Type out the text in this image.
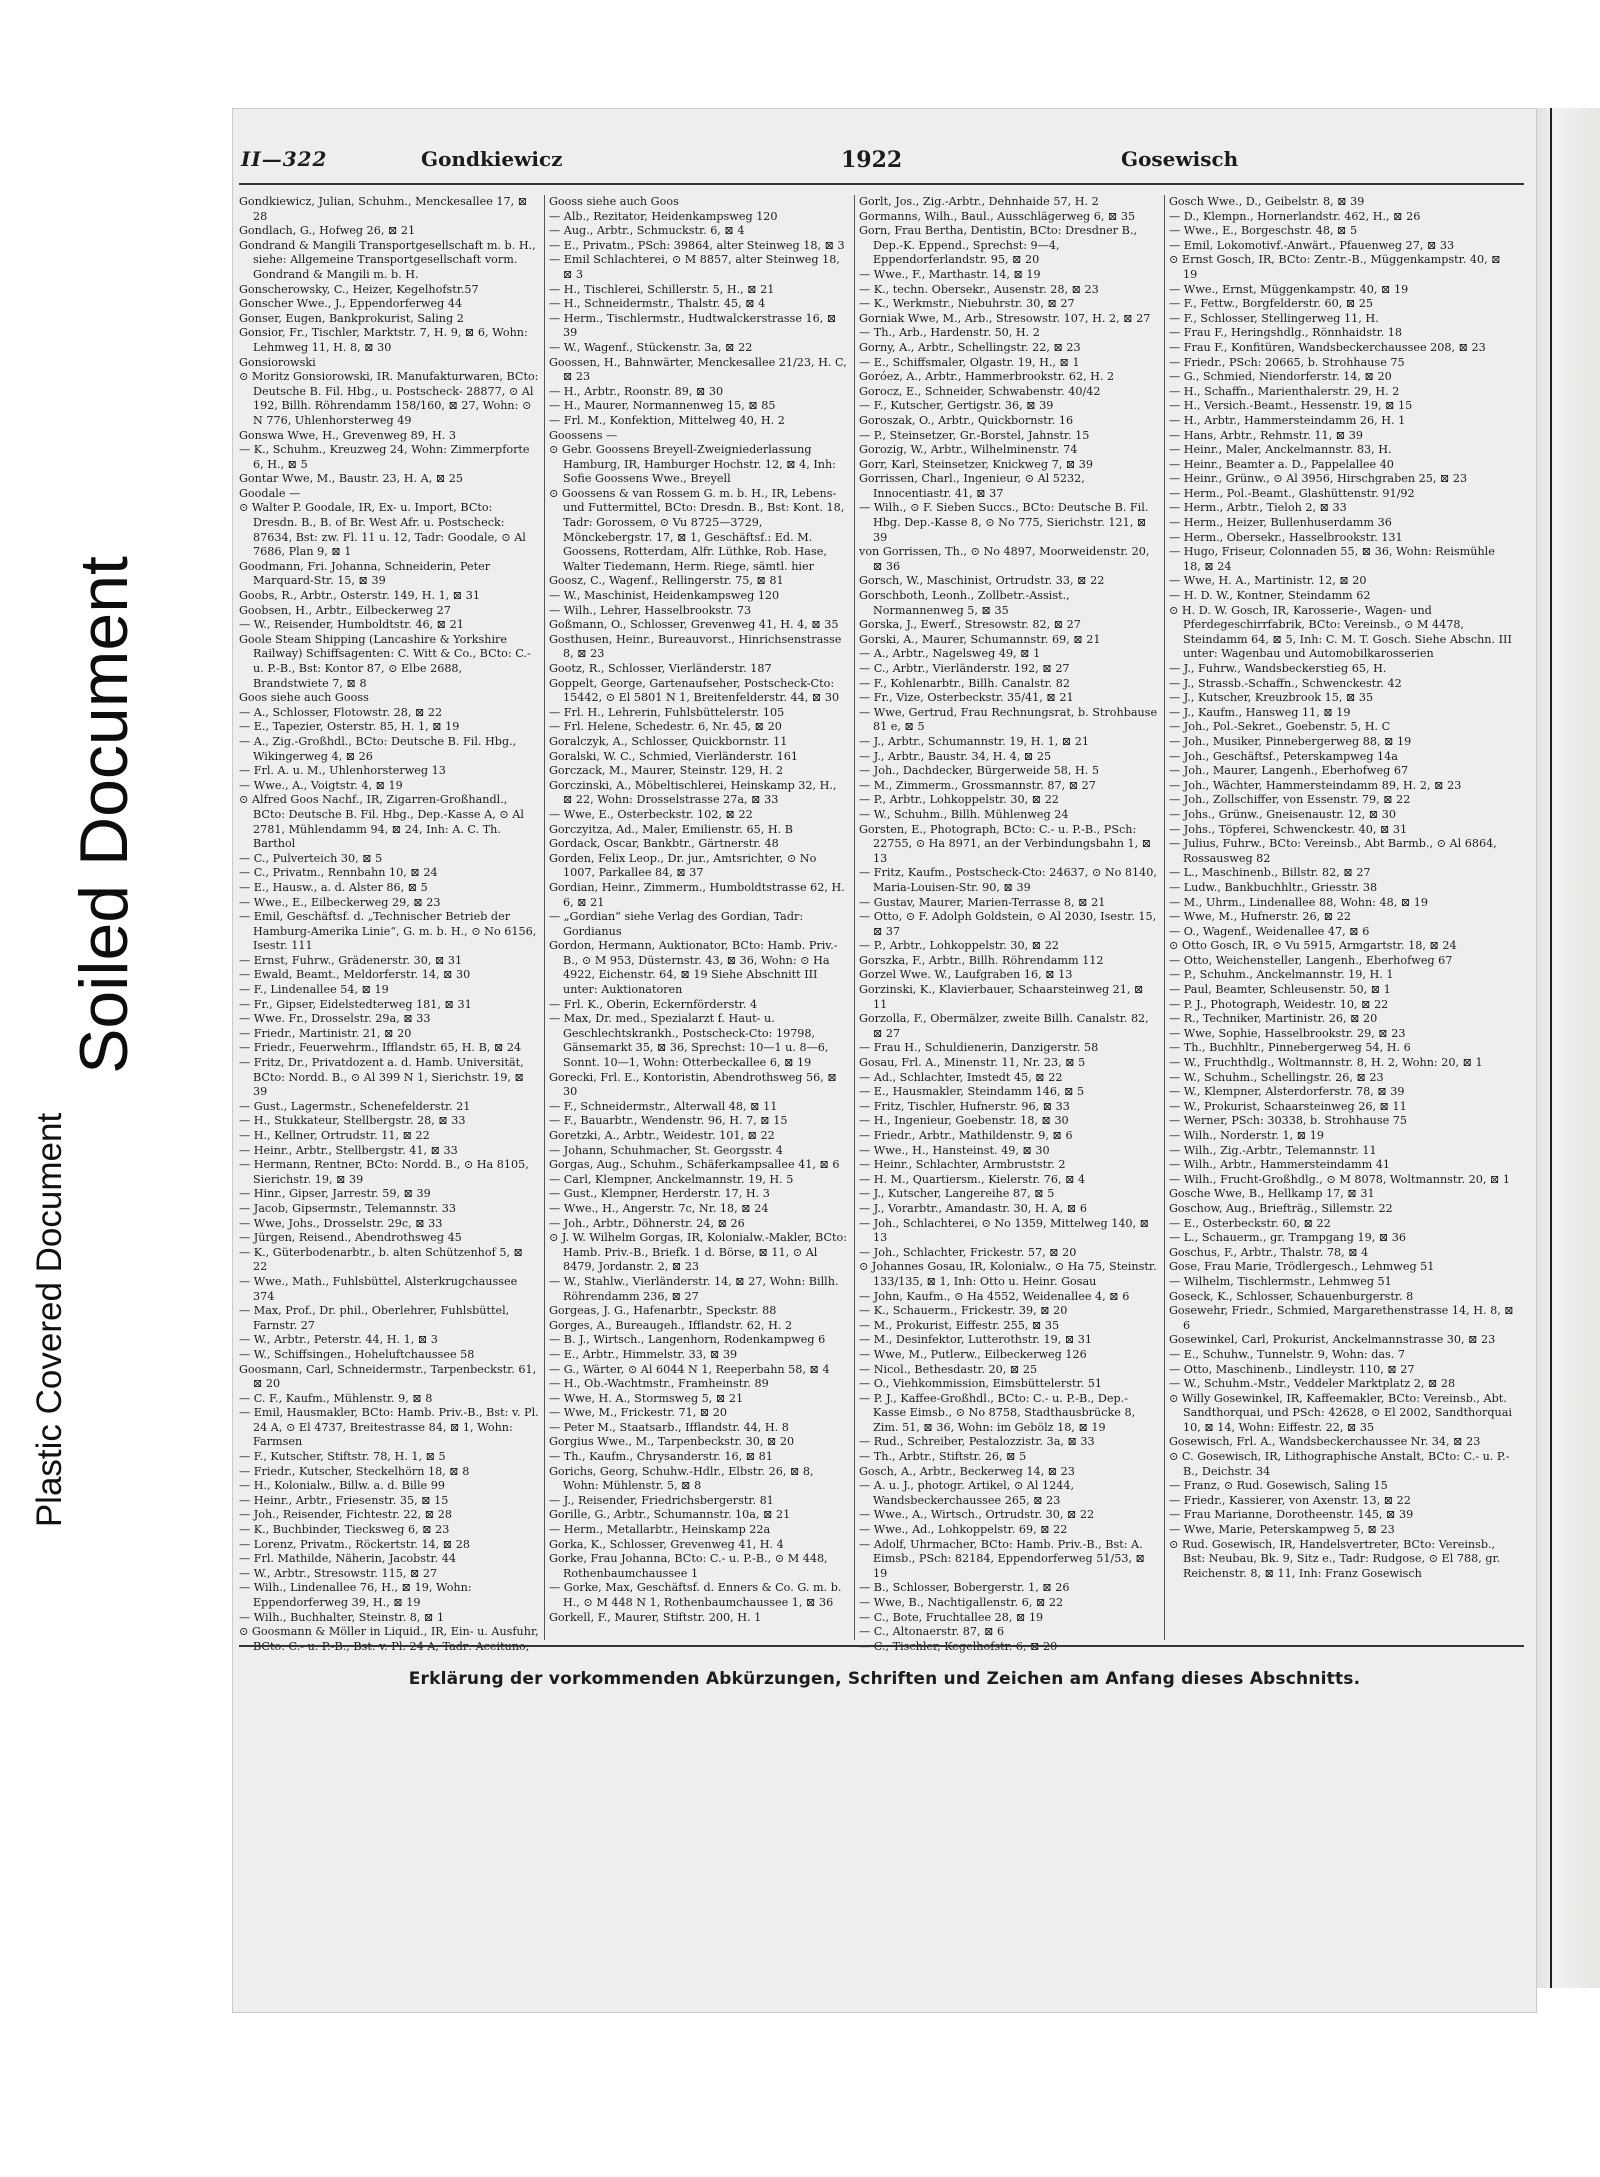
Plastic Covered Document
Soiled Document
II—322	Gondkiewicz	1922	Gosewisch

Gondkiewicz, Julian, Schuhm., Menckesallee 17, ⊠ 28

Gondlach, G., Hofweg 26, ⊠ 21

Gondrand & Mangili Transportgesellschaft m. b. H., siehe: Allgemeine Transportgesellschaft vorm. Gondrand & Mangili m. b. H.

Gonscherowsky, C., Heizer, Kegelhofstr.57

Gonscher Wwe., J., Eppendorferweg 44

Gonser, Eugen, Bankprokurist, Saling 2

Gonsior, Fr., Tischler, Marktstr. 7, H. 9, ⊠ 6, Wohn: Lehmweg 11, H. 8, ⊠ 30

Gonsiorowski

⊙ Moritz Gonsiorowski, IR. Manufakturwaren, BCto: Deutsche B. Fil. Hbg., u. Postscheck- 28877, ⊙ Al 192, Billh. Röhrendamm 158/160, ⊠ 27, Wohn: ⊙ N 776, Uhlenhorsterweg 49

Gonswa Wwe, H., Grevenweg 89, H. 3

— K., Schuhm., Kreuzweg 24, Wohn: Zimmerpforte 6, H., ⊠ 5

Gontar Wwe, M., Baustr. 23, H. A, ⊠ 25

Goodale —

⊙ Walter P. Goodale, IR, Ex- u. Import, BCto: Dresdn. B., B. of Br. West Afr. u. Postscheck: 87634, Bst: zw. Fl. 11 u. 12, Tadr: Goodale, ⊙ Al 7686, Plan 9, ⊠ 1

Goodmann, Fri. Johanna, Schneiderin, Peter Marquard-Str. 15, ⊠ 39

Goobs, R., Arbtr., Osterstr. 149, H. 1, ⊠ 31

Goobsen, H., Arbtr., Eilbeckerweg 27

— W., Reisender, Humboldtstr. 46, ⊠ 21

Goole Steam Shipping (Lancashire & Yorkshire Railway) Schiffsagenten: C. Witt & Co., BCto: C.- u. P.-B., Bst: Kontor 87, ⊙ Elbe 2688, Brandstwiete 7, ⊠ 8

Goos siehe auch Gooss

— A., Schlosser, Flotowstr. 28, ⊠ 22

— E., Tapezier, Osterstr. 85, H. 1, ⊠ 19

— A., Zig.-Großhdl., BCto: Deutsche B. Fil. Hbg., Wikingerweg 4, ⊠ 26

— Frl. A. u. M., Uhlenhorsterweg 13

— Wwe., A., Voigtstr. 4, ⊠ 19

⊙ Alfred Goos Nachf., IR, Zigarren-Großhandl., BCto: Deutsche B. Fil. Hbg., Dep.-Kasse A, ⊙ Al 2781, Mühlendamm 94, ⊠ 24, Inh: A. C. Th. Barthol

— C., Pulverteich 30, ⊠ 5

— C., Privatm., Rennbahn 10, ⊠ 24

— E., Hausw., a. d. Alster 86, ⊠ 5

— Wwe., E., Eilbeckerweg 29, ⊠ 23

— Emil, Geschäftsf. d. „Technischer Betrieb der Hamburg-Amerika Linie“, G. m. b. H., ⊙ No 6156, Isestr. 111

— Ernst, Fuhrw., Grädenerstr. 30, ⊠ 31

— Ewald, Beamt., Meldorferstr. 14, ⊠ 30

— F., Lindenallee 54, ⊠ 19

— Fr., Gipser, Eidelstedterweg 181, ⊠ 31

— Wwe. Fr., Drosselstr. 29a, ⊠ 33

— Friedr., Martinistr. 21, ⊠ 20

— Friedr., Feuerwehrm., Ifflandstr. 65, H. B, ⊠ 24

— Fritz, Dr., Privatdozent a. d. Hamb. Universität, BCto: Nordd. B., ⊙ Al 399 N 1, Sierichstr. 19, ⊠ 39

— Gust., Lagermstr., Schenefelderstr. 21

— H., Stukkateur, Stellbergstr. 28, ⊠ 33

— H., Kellner, Ortrudstr. 11, ⊠ 22

— Heinr., Arbtr., Stellbergstr. 41, ⊠ 33

— Hermann, Rentner, BCto: Nordd. B., ⊙ Ha 8105, Sierichstr. 19, ⊠ 39

— Hinr., Gipser, Jarrestr. 59, ⊠ 39

— Jacob, Gipsermstr., Telemannstr. 33

— Wwe, Johs., Drosselstr. 29c, ⊠ 33

— Jürgen, Reisend., Abendrothsweg 45

— K., Güterbodenarbtr., b. alten Schützenhof 5, ⊠ 22

— Wwe., Math., Fuhlsbüttel, Alsterkrugchaussee 374

— Max, Prof., Dr. phil., Oberlehrer, Fuhlsbüttel, Farnstr. 27

— W., Arbtr., Peterstr. 44, H. 1, ⊠ 3

— W., Schiffsingen., Hoheluftchaussee 58

Goosmann, Carl, Schneidermstr., Tarpenbeckstr. 61, ⊠ 20

— C. F., Kaufm., Mühlenstr. 9, ⊠ 8

— Emil, Hausmakler, BCto: Hamb. Priv.-B., Bst: v. Pl. 24 A, ⊙ El 4737, Breitestrasse 84, ⊠ 1, Wohn: Farmsen

— F., Kutscher, Stiftstr. 78, H. 1, ⊠ 5

— Friedr., Kutscher, Steckelhörn 18, ⊠ 8

— H., Kolonialw., Billw. a. d. Bille 99

— Heinr., Arbtr., Friesenstr. 35, ⊠ 15

— Joh., Reisender, Fichtestr. 22, ⊠ 28

— K., Buchbinder, Tiecksweg 6, ⊠ 23

— Lorenz, Privatm., Röckertstr. 14, ⊠ 28

— Frl. Mathilde, Näherin, Jacobstr. 44

— W., Arbtr., Stresowstr. 115, ⊠ 27

— Wilh., Lindenallee 76, H., ⊠ 19, Wohn: Eppendorferweg 39, H., ⊠ 19

— Wilh., Buchhalter, Steinstr. 8, ⊠ 1

⊙ Goosmann & Möller in Liquid., IR, Ein- u. Ausfuhr,

Gooss siehe auch Goos

— Alb., Rezitator, Heidenkampsweg 120

— Aug., Arbtr., Schmuckstr. 6, ⊠ 4

— E., Privatm., PSch: 39864, alter Steinweg 18, ⊠ 3

— Emil Schlachterei, ⊙ M 8857, alter Steinweg 18, ⊠ 3

— H., Tischlerei, Schillerstr. 5, H., ⊠ 21

— H., Schneidermstr., Thalstr. 45, ⊠ 4

— Herm., Tischlermstr., Hudtwalckerstrasse 16, ⊠ 39

— W., Wagenf., Stückenstr. 3a, ⊠ 22

Goossen, H., Bahnwärter, Menckesallee 21/23, H. C, ⊠ 23

— H., Arbtr., Roonstr. 89, ⊠ 30

— H., Maurer, Normannenweg 15, ⊠ 85

— Frl. M., Konfektion, Mittelweg 40, H. 2

Goossens —

⊙ Gebr. Goossens Breyell-Zweigniederlassung Hamburg, IR, Hamburger Hochstr. 12, ⊠ 4, Inh: Sofie Goossens Wwe., Breyell

⊙ Goossens & van Rossem G. m. b. H., IR, Lebens- und Futtermittel, BCto: Dresdn. B., Bst: Kont. 18, Tadr: Gorossem, ⊙ Vu 8725—3729, Mönckebergstr. 17, ⊠ 1, Geschäftsf.: Ed. M. Goossens, Rotterdam, Alfr. Lüthke, Rob. Hase, Walter Tiedemann, Herm. Riege, sämtl. hier

Goosz, C., Wagenf., Rellingerstr. 75, ⊠ 81

— W., Maschinist, Heidenkampsweg 120

— Wilh., Lehrer, Hasselbrookstr. 73

Goßmann, O., Schlosser, Grevenweg 41, H. 4, ⊠ 35

Gosthusen, Heinr., Bureauvorst., Hinrichsenstrasse 8, ⊠ 23

Gootz, R., Schlosser, Vierländerstr. 187

Goppelt, George, Gartenaufseher, Postscheck-Cto: 15442, ⊙ El 5801 N 1, Breitenfelderstr. 44, ⊠ 30

— Frl. H., Lehrerin, Fuhlsbüttelerstr. 105

— Frl. Helene, Schedestr. 6, Nr. 45, ⊠ 20

Goralczyk, A., Schlosser, Quickbornstr. 11

Goralski, W. C., Schmied, Vierländerstr. 161

Gorczack, M., Maurer, Steinstr. 129, H. 2

Gorczinski, A., Möbeltischlerei, Heinskamp 32, H., ⊠ 22, Wohn: Drosselstrasse 27a, ⊠ 33

— Wwe, E., Osterbeckstr. 102, ⊠ 22

Gorczyitza, Ad., Maler, Emilienstr. 65, H. B

Gordack, Oscar, Bankbtr., Gärtnerstr. 48

Gorden, Felix Leop., Dr. jur., Amtsrichter, ⊙ No 1007, Parkallee 84, ⊠ 37

Gordian, Heinr., Zimmerm., Humboldtstrasse 62, H. 6, ⊠ 21

— „Gordian“ siehe Verlag des Gordian, Tadr: Gordianus

Gordon, Hermann, Auktionator, BCto: Hamb. Priv.-B., ⊙ M 953, Düsternstr. 43, ⊠ 36, Wohn: ⊙ Ha 4922, Eichenstr. 64, ⊠ 19 Siehe Abschnitt III unter: Auktionatoren

— Frl. K., Oberin, Eckernförderstr. 4

— Max, Dr. med., Spezialarzt f. Haut- u. Geschlechtskrankh., Postscheck-Cto: 19798, Gänsemarkt 35, ⊠ 36, Sprechst: 10—1 u. 8—6, Sonnt. 10—1, Wohn: Otterbeckallee 6, ⊠ 19

Gorecki, Frl. E., Kontoristin, Abendrothsweg 56, ⊠ 30

— F., Schneidermstr., Alterwall 48, ⊠ 11

— F., Bauarbtr., Wendenstr. 96, H. 7, ⊠ 15

Goretzki, A., Arbtr., Weidestr. 101, ⊠ 22

— Johann, Schuhmacher, St. Georgsstr. 4

Gorgas, Aug., Schuhm., Schäferkampsallee 41, ⊠ 6

— Carl, Klempner, Anckelmannstr. 19, H. 5

— Gust., Klempner, Herderstr. 17, H. 3

— Wwe., H., Angerstr. 7c, Nr. 18, ⊠ 24

— Joh., Arbtr., Döhnerstr. 24, ⊠ 26

⊙ J. W. Wilhelm Gorgas, IR, Kolonialw.-Makler, BCto: Hamb. Priv.-B., Briefk. 1 d. Börse, ⊠ 11, ⊙ Al 8479, Jordanstr. 2, ⊠ 23

— W., Stahlw., Vierländerstr. 14, ⊠ 27, Wohn: Billh. Röhrendamm 236, ⊠ 27

Gorgeas, J. G., Hafenarbtr., Speckstr. 88

Gorges, A., Bureaugeh., Ifflandstr. 62, H. 2

— B. J., Wirtsch., Langenhorn, Rodenkampweg 6

— E., Arbtr., Himmelstr. 33, ⊠ 39

— G., Wärter, ⊙ Al 6044 N 1, Reeperbahn 58, ⊠ 4

— H., Ob.-Wachtmstr., Framheinstr. 89

— Wwe, H. A., Stormsweg 5, ⊠ 21

— Wwe, M., Frickestr. 71, ⊠ 20

— Peter M., Staatsarb., Ifflandstr. 44, H. 8

Gorgius Wwe., M., Tarpenbeckstr. 30, ⊠ 20

— Th., Kaufm., Chrysanderstr. 16, ⊠ 81

Gorichs, Georg, Schuhw.-Hdlr., Elbstr. 26, ⊠ 8, Wohn: Mühlenstr. 5, ⊠ 8

— J., Reisender, Friedrichsbergerstr. 81

Gorille, G., Arbtr., Schumannstr. 10a, ⊠ 21

— Herm., Metallarbtr., Heinskamp 22a

Gorka, K., Schlosser, Grevenweg 41, H. 4

Gorke, Frau Johanna, BCto: C.- u. P.-B., ⊙ M 448, Rothenbaumchaussee 1

— Gorke, Max, Geschäftsf. d. Enners & Co. G. m. b. H., ⊙ M 448 N 1, Rothenbaumchaussee 1, ⊠ 36

Gorkell, F., Maurer, Stiftstr. 200, H. 1

Gorlt, Jos., Zig.-Arbtr., Dehnhaide 57, H. 2

Gormanns, Wilh., Baul., Ausschlägerweg 6, ⊠ 35

Gorn, Frau Bertha, Dentistin, BCto: Dresdner B., Dep.-K. Eppend., Sprechst: 9—4, Eppendorferlandstr. 95, ⊠ 20

— Wwe., F., Marthastr. 14, ⊠ 19

— K., techn. Obersekr., Ausenstr. 28, ⊠ 23

— K., Werkmstr., Niebuhrstr. 30, ⊠ 27

Gorniak Wwe, M., Arb., Stresowstr. 107, H. 2, ⊠ 27

— Th., Arb., Hardenstr. 50, H. 2

Gorny, A., Arbtr., Schellingstr. 22, ⊠ 23

— E., Schiffsmaler, Olgastr. 19, H., ⊠ 1

Goróez, A., Arbtr., Hammerbrookstr. 62, H. 2

Gorocz, E., Schneider, Schwabenstr. 40/42

— F., Kutscher, Gertigstr. 36, ⊠ 39

Goroszak, O., Arbtr., Quickbornstr. 16

— P., Steinsetzer, Gr.-Borstel, Jahnstr. 15

Gorozig, W., Arbtr., Wilhelminenstr. 74

Gorr, Karl, Steinsetzer, Knickweg 7, ⊠ 39

Gorrissen, Charl., Ingenieur, ⊙ Al 5232, Innocentiastr. 41, ⊠ 37

— Wilh., ⊙ F. Sieben Succs., BCto: Deutsche B. Fil. Hbg. Dep.-Kasse 8, ⊙ No 775, Sierichstr. 121, ⊠ 39

von Gorrissen, Th., ⊙ No 4897, Moorweidenstr. 20, ⊠ 36

Gorsch, W., Maschinist, Ortrudstr. 33, ⊠ 22

Gorschboth, Leonh., Zollbetr.-Assist., Normannenweg 5, ⊠ 35

Gorska, J., Ewerf., Stresowstr. 82, ⊠ 27

Gorski, A., Maurer, Schumannstr. 69, ⊠ 21

— A., Arbtr., Nagelsweg 49, ⊠ 1

— C., Arbtr., Vierländerstr. 192, ⊠ 27

— F., Kohlenarbtr., Billh. Canalstr. 82

— Fr., Vize, Osterbeckstr. 35/41, ⊠ 21

— Wwe, Gertrud, Frau Rechnungsrat, b. Strohbause 81 e, ⊠ 5

— J., Arbtr., Schumannstr. 19, H. 1, ⊠ 21

— J., Arbtr., Baustr. 34, H. 4, ⊠ 25

— Joh., Dachdecker, Bürgerweide 58, H. 5

— M., Zimmerm., Grossmannstr. 87, ⊠ 27

— P., Arbtr., Lohkoppelstr. 30, ⊠ 22

— W., Schuhm., Billh. Mühlenweg 24

Gorsten, E., Photograph, BCto: C.- u. P.-B., PSch: 22755, ⊙ Ha 8971, an der Verbindungsbahn 1, ⊠ 13

— Fritz, Kaufm., Postscheck-Cto: 24637, ⊙ No 8140, Maria-Louisen-Str. 90, ⊠ 39

— Gustav, Maurer, Marien-Terrasse 8, ⊠ 21

— Otto, ⊙ F. Adolph Goldstein, ⊙ Al 2030, Isestr. 15, ⊠ 37

— P., Arbtr., Lohkoppelstr. 30, ⊠ 22

Gorszka, F., Arbtr., Billh. Röhrendamm 112

Gorzel Wwe. W., Laufgraben 16, ⊠ 13

Gorzinski, K., Klavierbauer, Schaarsteinweg 21, ⊠ 11

Gorzolla, F., Obermälzer, zweite Billh. Canalstr. 82, ⊠ 27

— Frau H., Schuldienerin, Danzigerstr. 58

Gosau, Frl. A., Minenstr. 11, Nr. 23, ⊠ 5

— Ad., Schlachter, Imstedt 45, ⊠ 22

— E., Hausmakler, Steindamm 146, ⊠ 5

— Fritz, Tischler, Hufnerstr. 96, ⊠ 33

— H., Ingenieur, Goebenstr. 18, ⊠ 30

— Friedr., Arbtr., Mathildenstr. 9, ⊠ 6

— Wwe., H., Hansteinst. 49, ⊠ 30

— Heinr., Schlachter, Armbruststr. 2

— H. M., Quartiersm., Kielerstr. 76, ⊠ 4

— J., Kutscher, Langereihe 87, ⊠ 5

— J., Vorarbtr., Amandastr. 30, H. A, ⊠ 6

— Joh., Schlachterei, ⊙ No 1359, Mittelweg 140, ⊠ 13

— Joh., Schlachter, Frickestr. 57, ⊠ 20

⊙ Johannes Gosau, IR, Kolonialw., ⊙ Ha 75, Steinstr. 133/135, ⊠ 1, Inh: Otto u. Heinr. Gosau

— John, Kaufm., ⊙ Ha 4552, Weidenallee 4, ⊠ 6

— K., Schauerm., Frickestr. 39, ⊠ 20

— M., Prokurist, Eiffestr. 255, ⊠ 35

— M., Desinfektor, Lutterothstr. 19, ⊠ 31

— Wwe, M., Putlerw., Eilbeckerweg 126

— Nicol., Bethesdastr. 20, ⊠ 25

— O., Viehkommission, Eimsbüttelerstr. 51

— P. J., Kaffee-Großhdl., BCto: C.- u. P.-B., Dep.-Kasse Eimsb., ⊙ No 8758, Stadthausbrücke 8, Zim. 51, ⊠ 36, Wohn: im Gebölz 18, ⊠ 19

— Rud., Schreiber, Pestalozzistr. 3a, ⊠ 33

— Th., Arbtr., Stiftstr. 26, ⊠ 5

Gosch, A., Arbtr., Beckerweg 14, ⊠ 23

— A. u. J., photogr. Artikel, ⊙ Al 1244, Wandsbeckerchaussee 265, ⊠ 23

— Wwe., A., Wirtsch., Ortrudstr. 30, ⊠ 22

— Wwe., Ad., Lohkoppelstr. 69, ⊠ 22

— Adolf, Uhrmacher, BCto: Hamb. Priv.-B., Bst: A. Eimsb., PSch: 82184, Eppendorferweg 51/53, ⊠ 19

— B., Schlosser, Bobergerstr. 1, ⊠ 26

— Wwe, B., Nachtigallenstr. 6, ⊠ 22

— C., Bote, Fruchtallee 28, ⊠ 19

— C., Altonaerstr. 87, ⊠ 6

Gosch Wwe., D., Geibelstr. 8, ⊠ 39

— D., Klempn., Hornerlandstr. 462, H., ⊠ 26

— Wwe., E., Borgeschstr. 48, ⊠ 5

— Emil, Lokomotivf.-Anwärt., Pfauenweg 27, ⊠ 33

⊙ Ernst Gosch, IR, BCto: Zentr.-B., Müggenkampstr. 40, ⊠ 19

— Wwe., Ernst, Müggenkampstr. 40, ⊠ 19

— F., Fettw., Borgfelderstr. 60, ⊠ 25

— F., Schlosser, Stellingerweg 11, H.

— Frau F., Heringshdlg., Rönnhaidstr. 18

— Frau F., Konfitüren, Wandsbeckerchaussee 208, ⊠ 23

— Friedr., PSch: 20665, b. Strohhause 75

— G., Schmied, Niendorferstr. 14, ⊠ 20

— H., Schaffn., Marienthalerstr. 29, H. 2

— H., Versich.-Beamt., Hessenstr. 19, ⊠ 15

— H., Arbtr., Hammersteindamm 26, H. 1

— Hans, Arbtr., Rehmstr. 11, ⊠ 39

— Heinr., Maler, Anckelmannstr. 83, H.

— Heinr., Beamter a. D., Pappelallee 40

— Heinr., Grünw., ⊙ Al 3956, Hirschgraben 25, ⊠ 23

— Herm., Pol.-Beamt., Glashüttenstr. 91/92

— Herm., Arbtr., Tieloh 2, ⊠ 33

— Herm., Heizer, Bullenhuserdamm 36

— Herm., Obersekr., Hasselbrookstr. 131

— Hugo, Friseur, Colonnaden 55, ⊠ 36, Wohn: Reismühle 18, ⊠ 24

— Wwe, H. A., Martinistr. 12, ⊠ 20

— H. D. W., Kontner, Steindamm 62

⊙ H. D. W. Gosch, IR, Karosserie-, Wagen- und Pferdegeschirrfabrik, BCto: Vereinsb., ⊙ M 4478, Steindamm 64, ⊠ 5, Inh: C. M. T. Gosch. Siehe Abschn. III unter: Wagenbau und Automobilkarosserien

— J., Fuhrw., Wandsbeckerstieg 65, H.

— J., Strassb.-Schaffn., Schwenckestr. 42

— J., Kutscher, Kreuzbrook 15, ⊠ 35

— J., Kaufm., Hansweg 11, ⊠ 19

— Joh., Pol.-Sekret., Goebenstr. 5, H. C

— Joh., Musiker, Pinnebergerweg 88, ⊠ 19

— Joh., Geschäftsf., Peterskampweg 14a

— Joh., Maurer, Langenh., Eberhofweg 67

— Joh., Wächter, Hammersteindamm 89, H. 2, ⊠ 23

— Joh., Zollschiffer, von Essenstr. 79, ⊠ 22

— Johs., Grünw., Gneisenaustr. 12, ⊠ 30

— Johs., Töpferei, Schwenckestr. 40, ⊠ 31

— Julius, Fuhrw., BCto: Vereinsb., Abt Barmb., ⊙ Al 6864, Rossausweg 82

— L., Maschinenb., Billstr. 82, ⊠ 27

— Ludw., Bankbuchhltr., Griesstr. 38

— M., Uhrm., Lindenallee 88, Wohn: 48, ⊠ 19

— Wwe, M., Hufnerstr. 26, ⊠ 22

— O., Wagenf., Weidenallee 47, ⊠ 6

⊙ Otto Gosch, IR, ⊙ Vu 5915, Armgartstr. 18, ⊠ 24

— Otto, Weichensteller, Langenh., Eberhofweg 67

— P., Schuhm., Anckelmannstr. 19, H. 1

— Paul, Beamter, Schleusenstr. 50, ⊠ 1

— P. J., Photograph, Weidestr. 10, ⊠ 22

— R., Techniker, Martinistr. 26, ⊠ 20

— Wwe, Sophie, Hasselbrookstr. 29, ⊠ 23

— Th., Buchhltr., Pinnebergerweg 54, H. 6

— W., Fruchthdlg., Woltmannstr. 8, H. 2, Wohn: 20, ⊠ 1

— W., Schuhm., Schellingstr. 26, ⊠ 23

— W., Klempner, Alsterdorferstr. 78, ⊠ 39

— W., Prokurist, Schaarsteinweg 26, ⊠ 11

— Werner, PSch: 30338, b. Strohhause 75

— Wilh., Norderstr. 1, ⊠ 19

— Wilh., Zig.-Arbtr., Telemannstr. 11

— Wilh., Arbtr., Hammersteindamm 41

— Wilh., Frucht-Großhdlg., ⊙ M 8078, Woltmannstr. 20, ⊠ 1

Gosche Wwe, B., Hellkamp 17, ⊠ 31

Goschow, Aug., Briefträg., Sillemstr. 22

— E., Osterbeckstr. 60, ⊠ 22

— L., Schauerm., gr. Trampgang 19, ⊠ 36

Goschus, F., Arbtr., Thalstr. 78, ⊠ 4

Gose, Frau Marie, Trödlergesch., Lehmweg 51

— Wilhelm, Tischlermstr., Lehmweg 51

Goseck, K., Schlosser, Schauenburgerstr. 8

Gosewehr, Friedr., Schmied, Margarethenstrasse 14, H. 8, ⊠ 6

Gosewinkel, Carl, Prokurist, Anckelmannstrasse 30, ⊠ 23

— E., Schuhw., Tunnelstr. 9, Wohn: das. 7

— Otto, Maschinenb., Lindleystr. 110, ⊠ 27

— W., Schuhm.-Mstr., Veddeler Marktplatz 2, ⊠ 28

⊙ Willy Gosewinkel, IR, Kaffeemakler, BCto: Vereinsb., Abt. Sandthorquai, und PSch: 42628, ⊙ El 2002, Sandthorquai 10, ⊠ 14, Wohn: Eiffestr. 22, ⊠ 35

Gosewisch, Frl. A., Wandsbeckerchaussee Nr. 34, ⊠ 23

⊙ C. Gosewisch, IR, Lithographische Anstalt, BCto: C.- u. P.-B., Deichstr. 34

— Franz, ⊙ Rud. Gosewisch, Saling 15

— Friedr., Kassierer, von Axenstr. 13, ⊠ 22

— Frau Marianne, Dorotheenstr. 145, ⊠ 39

— Wwe, Marie, Peterskampweg 5, ⊠ 23

⊙ Rud. Gosewisch, IR, Handelsvertreter, BCto: Vereinsb., Bst: Neubau, Bk. 9, Sitz e., Tadr: Rudgose, ⊙ El 788, gr. Reichenstr. 8, ⊠ 11, Inh: Franz Gosewisch

Erklärung der vorkommenden Abkürzungen, Schriften und Zeichen am Anfang dieses Abschnitts.
